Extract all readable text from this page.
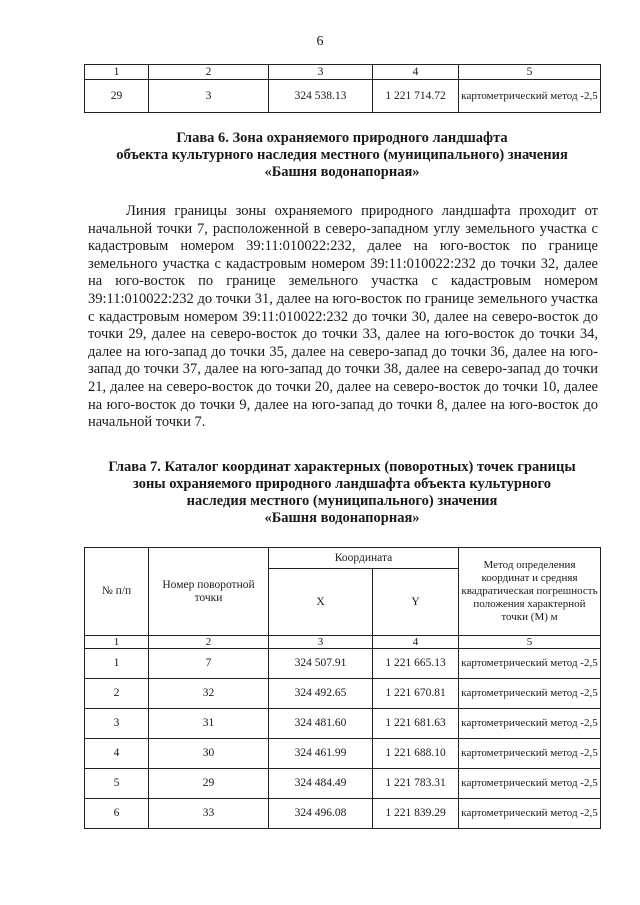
6
1	2	3	4	5
29	3	324 538.13	1 221 714.72	картометрический метод -2,5
Глава 6. Зона охраняемого природного ландшафта
объекта культурного наследия местного (муниципального) значения
«Башня водонапорная»

Линия границы зоны охраняемого природного ландшафта проходит от начальной точки 7, расположенной в северо-западном углу земельного участка с кадастровым номером 39:11:010022:232, далее на юго-восток по границе земельного участка с кадастровым номером 39:11:010022:232 до точки 32, далее на юго-восток по границе земельного участка с кадастровым номером 39:11:010022:232 до точки 31, далее на юго-восток по границе земельного участка с кадастровым номером 39:11:010022:232 до точки 30, далее на северо-восток до точки 29, далее на северо-восток до точки 33, далее на юго-восток до точки 34, далее на юго-запад до точки 35, далее на северо-запад до точки 36, далее на юго-запад до точки 37, далее на юго-запад до точки 38, далее на северо-запад до точки 21, далее на северо-восток до точки 20, далее на северо-восток до точки 10, далее на юго-восток до точки 9, далее на юго-запад до точки 8, далее на юго-восток до начальной точки 7.

Глава 7. Каталог координат характерных (поворотных) точек границы
зоны охраняемого природного ландшафта объекта культурного
наследия местного (муниципального) значения
«Башня водонапорная»
№ п/п	Номер поворотной точки	Координата		Метод определения координат и средняя квадратическая погрешность положения характерной точки (М) м
		X	Y	
1	2	3	4	5
1	7	324 507.91	1 221 665.13	картометрический метод -2,5
2	32	324 492.65	1 221 670.81	картометрический метод -2,5
3	31	324 481.60	1 221 681.63	картометрический метод -2,5
4	30	324 461.99	1 221 688.10	картометрический метод -2,5
5	29	324 484.49	1 221 783.31	картометрический метод -2,5
6	33	324 496.08	1 221 839.29	картометрический метод -2,5
